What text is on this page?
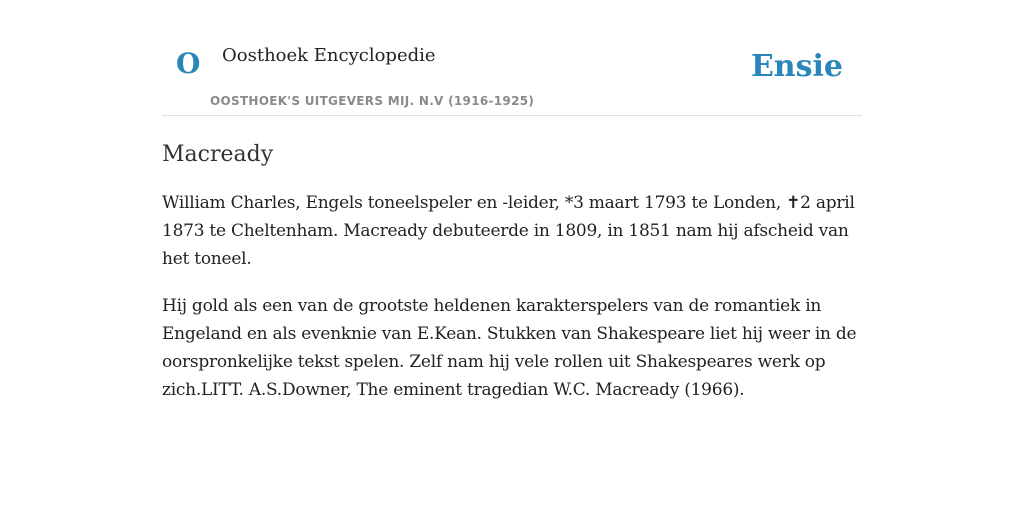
O Oosthoek Encyclopedie
OOSTHOEK'S UITGEVERS MIJ. N.V (1916-1925)
Ensie
Macready

William Charles, Engels toneelspeler en -leider, *3 maart 1793 te Londen, ✝2 april 1873 te Cheltenham. Macready debuteerde in 1809, in 1851 nam hij afscheid van het toneel.

Hij gold als een van de grootste heldenen karakterspelers van de romantiek in Engeland en als evenknie van E.Kean. Stukken van Shakespeare liet hij weer in de oorspronkelijke tekst spelen. Zelf nam hij vele rollen uit Shakespeares werk op zich.LITT. A.S.Downer, The eminent tragedian W.C. Macready (1966).
